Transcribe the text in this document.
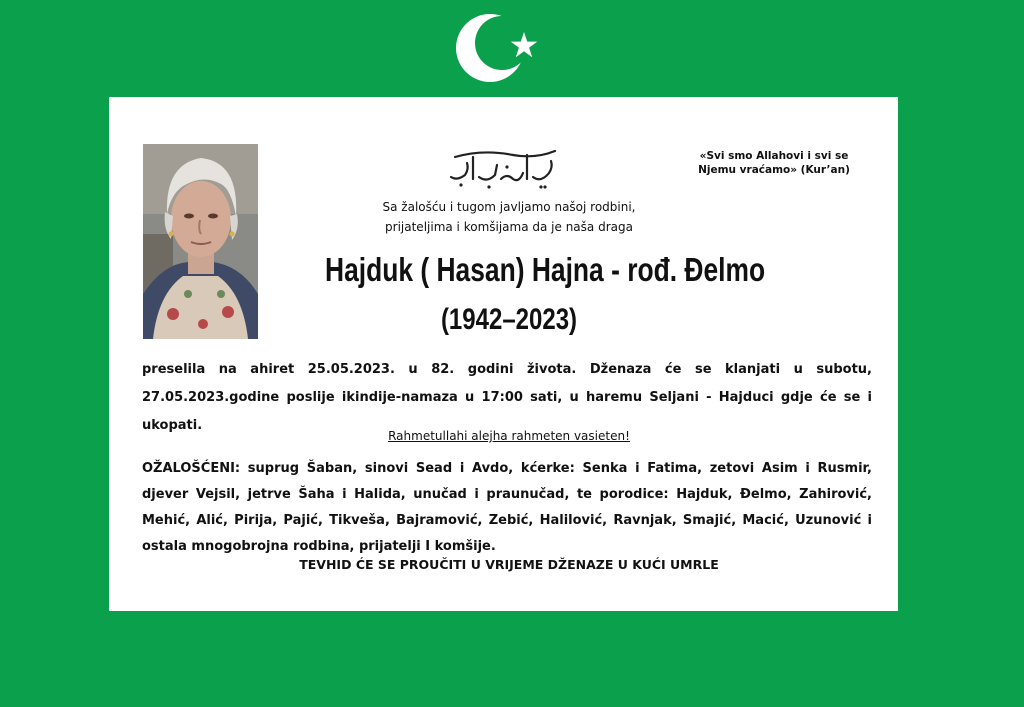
«Svi smo Allahovi i svi se
Njemu vraćamo» (Kur’an)
Sa žalošću i tugom javljamo našoj rodbini,
prijateljima i komšijama da je naša draga
Hajduk ( Hasan) Hajna - rođ. Đelmo
(1942–2023)
preselila na ahiret 25.05.2023. u 82. godini života. Dženaza će se klanjati u subotu, 27.05.2023.godine poslije ikindije-namaza u 17:00 sati, u haremu Seljani - Hajduci gdje će se i ukopati.
Rahmetullahi alejha rahmeten vasieten!
OŽALOŠĆENI: suprug Šaban, sinovi Sead i Avdo, kćerke: Senka i Fatima, zetovi Asim i Rusmir, djever Vejsil, jetrve Šaha i Halida, unučad i praunučad, te porodice: Hajduk, Đelmo, Zahirović, Mehić, Alić, Pirija, Pajić, Tikveša, Bajramović, Zebić, Halilović, Ravnjak, Smajić, Macić, Uzunović i ostala mnogobrojna rodbina, prijatelji I komšije.
TEVHID ĆE SE PROUČITI U VRIJEME DŽENAZE U KUĆI UMRLE
